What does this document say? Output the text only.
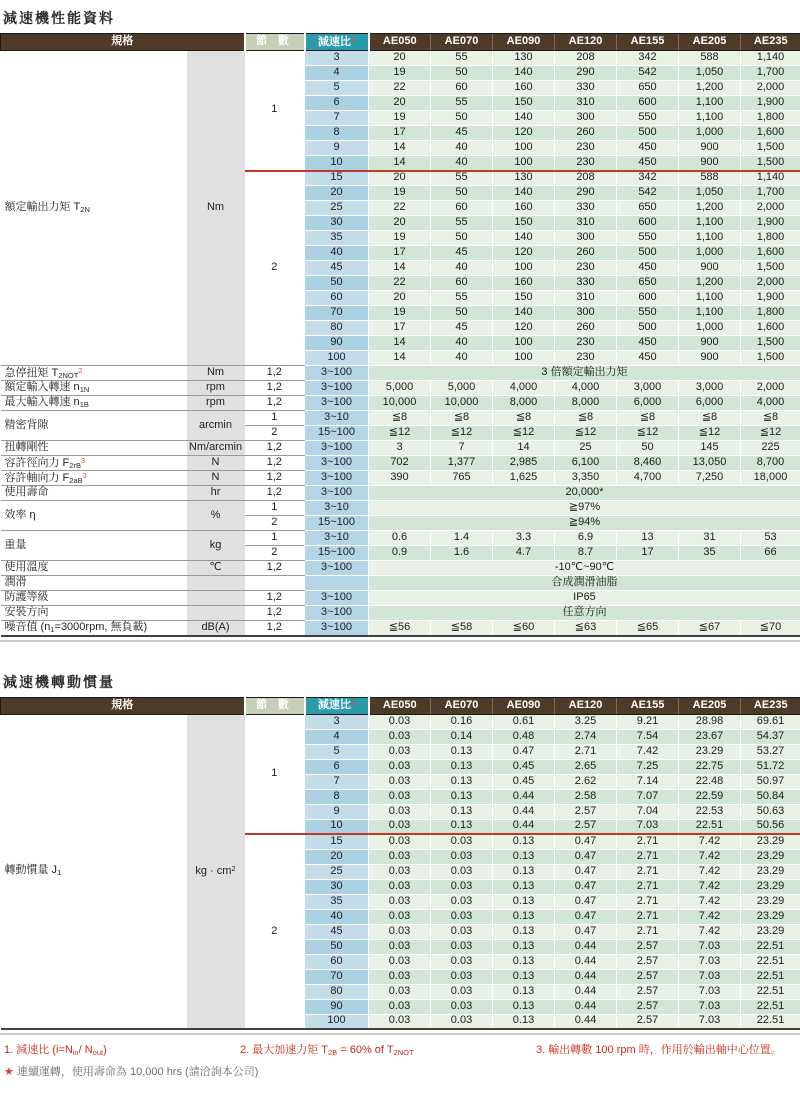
減速機性能資料
規格		節 數	減速比$^1$	AE050	AE070	AE090	AE120	AE155	AE205	AE235
額定輸出力矩 $T_{2N}$	Nm	1	3	20	55	130	208	342	588	1,140
			4	19	50	140	290	542	1,050	1,700
			5	22	60	160	330	650	1,200	2,000
			6	20	55	150	310	600	1,100	1,900
			7	19	50	140	300	550	1,100	1,800
			8	17	45	120	260	500	1,000	1,600
			9	14	40	100	230	450	900	1,500
			10	14	40	100	230	450	900	1,500
		2	15	20	55	130	208	342	588	1,140
			20	19	50	140	290	542	1,050	1,700
			25	22	60	160	330	650	1,200	2,000
			30	20	55	150	310	600	1,100	1,900
			35	19	50	140	300	550	1,100	1,800
			40	17	45	120	260	500	1,000	1,600
			45	14	40	100	230	450	900	1,500
			50	22	60	160	330	650	1,200	2,000
			60	20	55	150	310	600	1,100	1,900
			70	19	50	140	300	550	1,100	1,800
			80	17	45	120	260	500	1,000	1,600
			90	14	40	100	230	450	900	1,500
			100	14	40	100	230	450	900	1,500
急停扭矩 $T_{2NOT}^2$	Nm	1,2	3~100	3 倍額定輸出力矩						
額定輸入轉速 $n_{1N}$	rpm	1,2	3~100	5,000	5,000	4,000	4,000	3,000	3,000	2,000
最大輸入轉速 $n_{1B}$	rpm	1,2	3~100	10,000	10,000	8,000	8,000	6,000	6,000	4,000
精密背隙	arcmin	1	3~10	≦8	≦8	≦8	≦8	≦8	≦8	≦8
		2	15~100	≦12	≦12	≦12	≦12	≦12	≦12	≦12
扭轉剛性	Nm/arcmin	1,2	3~100	3	7	14	25	50	145	225
容許徑向力 $F_{2rB}^3$	N	1,2	3~100	702	1,377	2,985	6,100	8,460	13,050	8,700
容許軸向力 $F_{2aB}^3$	N	1,2	3~100	390	765	1,625	3,350	4,700	7,250	18,000
使用壽命	hr	1,2	3~100	20,000*						
效率 η	%	1	3~10	≧97%						
		2	15~100	≧94%						
重量	kg	1	3~10	0.6	1.4	3.3	6.9	13	31	53
		2	15~100	0.9	1.6	4.7	8.7	17	35	66
使用溫度	℃	1,2	3~100	-10℃~90℃						
潤滑				合成潤滑油脂						
防護等級		1,2	3~100	IP65						
安裝方向		1,2	3~100	任意方向						
噪音值 ($n_1=3000rpm$, 無負載)	dB(A)	1,2	3~100	≦56	≦58	≦60	≦63	≦65	≦67	≦70
減速機轉動慣量
規格		節 數	減速比$^1$	AE050	AE070	AE090	AE120	AE155	AE205	AE235
轉動慣量 $J_1$	kg · $cm^2$	1	3	0.03	0.16	0.61	3.25	9.21	28.98	69.61
			4	0.03	0.14	0.48	2.74	7.54	23.67	54.37
			5	0.03	0.13	0.47	2.71	7.42	23.29	53.27
			6	0.03	0.13	0.45	2.65	7.25	22.75	51.72
			7	0.03	0.13	0.45	2.62	7.14	22.48	50.97
			8	0.03	0.13	0.44	2.58	7.07	22.59	50.84
			9	0.03	0.13	0.44	2.57	7.04	22.53	50.63
			10	0.03	0.13	0.44	2.57	7.03	22.51	50.56
		2	15	0.03	0.03	0.13	0.47	2.71	7.42	23.29
			20	0.03	0.03	0.13	0.47	2.71	7.42	23.29
			25	0.03	0.03	0.13	0.47	2.71	7.42	23.29
			30	0.03	0.03	0.13	0.47	2.71	7.42	23.29
			35	0.03	0.03	0.13	0.47	2.71	7.42	23.29
			40	0.03	0.03	0.13	0.47	2.71	7.42	23.29
			45	0.03	0.03	0.13	0.47	2.71	7.42	23.29
			50	0.03	0.03	0.13	0.44	2.57	7.03	22.51
			60	0.03	0.03	0.13	0.44	2.57	7.03	22.51
			70	0.03	0.03	0.13	0.44	2.57	7.03	22.51
			80	0.03	0.03	0.13	0.44	2.57	7.03	22.51
			90	0.03	0.03	0.13	0.44	2.57	7.03	22.51
			100	0.03	0.03	0.13	0.44	2.57	7.03	22.51
1. 減速比 ($i=N_{in}/$ $N_{out}$)	2. 最大加速力矩 $T_{2B} = 60\%$ of $T_{2NOT}$	3. 輸出轉數 100 rpm 時，作用於輸出軸中心位置。
★ 連續運轉，使用壽命為 10,000 hrs (請洽詢本公司)
